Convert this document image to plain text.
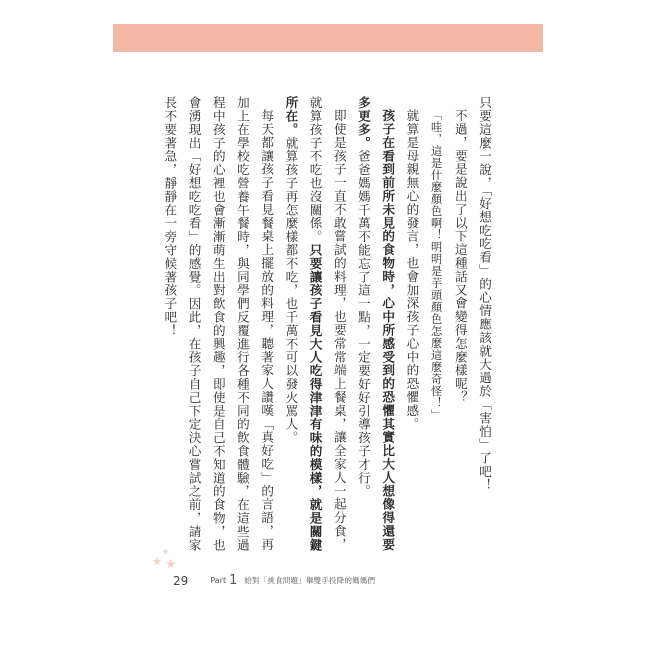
只要這麼一說，「好想吃吃看」的心情應該就大過於「害怕」了吧！

不過，要是說出了以下這種話又會變得怎麼樣呢？

「哇，這是什麼顏色啊！明明是芋頭顏色怎麼這麼奇怪！」

就算是母親無心的發言，也會加深孩子心中的恐懼感。

孩子在看到前所未見的食物時，心中所感受到的恐懼其實比大人想像得還要多更多。爸爸媽媽千萬不能忘了這一點，一定要好好引導孩子才行。

即使是孩子一直不敢嘗試的料理，也要常常端上餐桌，讓全家人一起分食，就算孩子不吃也沒關係。只要讓孩子看見大人吃得津津有味的模樣，就是關鍵所在。就算孩子再怎麼樣都不吃，也千萬不可以發火罵人。

每天都讓孩子看見餐桌上擺放的料理，聽著家人讚嘆「真好吃」的言語，再加上在學校吃營養午餐時，與同學們反覆進行各種不同的飲食體驗，在這些過程中孩子的心裡也會漸漸萌生出對飲食的興趣，即使是自己不知道的食物，也會湧現出「好想吃吃看」的感覺。因此，在孩子自己下定決心嘗試之前，請家長不要著急，靜靜在一旁守候著孩子吧！

★
★
★
29	Part 1 給對「挑食問題」舉雙手投降的媽媽們
